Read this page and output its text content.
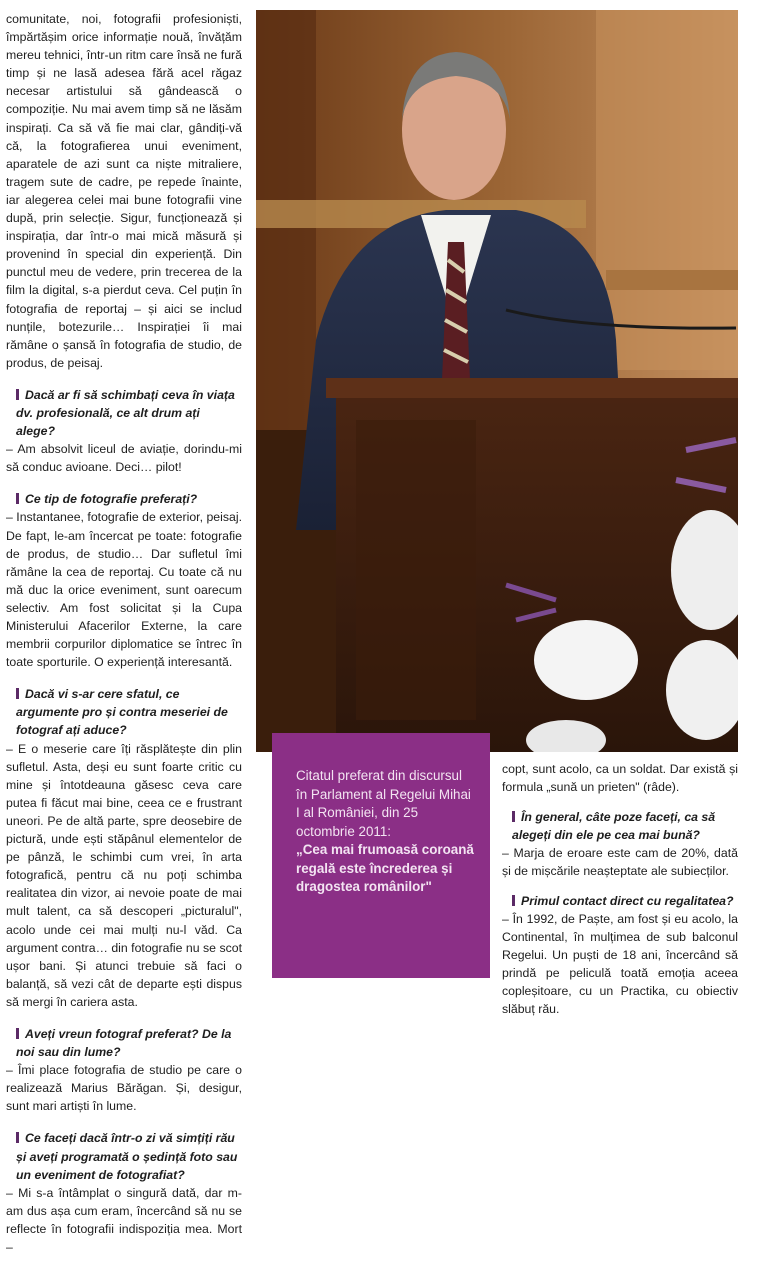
comunitate, noi, fotografii profesioniști, împărtășim orice informație nouă, învățăm mereu tehnici, într-un ritm care însă ne fură timp și ne lasă adesea fără acel răgaz necesar artistului să gândească o compoziție. Nu mai avem timp să ne lăsăm inspirați. Ca să vă fie mai clar, gândiți-vă că, la fotografierea unui eveniment, aparatele de azi sunt ca niște mitraliere, tragem sute de cadre, pe repede înainte, iar alegerea celei mai bune fotografii vine după, prin selecție. Sigur, funcționează și inspirația, dar într-o mai mică măsură și provenind în special din experiență. Din punctul meu de vedere, prin trecerea de la film la digital, s-a pierdut ceva. Cel puțin în fotografia de reportaj – și aici se includ nunțile, botezurile… Inspirației îi mai rămâne o șansă în fotografia de studio, de produs, de peisaj.

Dacă ar fi să schimbați ceva în viața dv. profesională, ce alt drum ați alege?

– Am absolvit liceul de aviație, dorindu-mi să conduc avioane. Deci… pilot!

Ce tip de fotografie preferați?

– Instantanee, fotografie de exterior, peisaj. De fapt, le-am încercat pe toate: fotografie de produs, de studio… Dar sufletul îmi rămâne la cea de reportaj. Cu toate că nu mă duc la orice eveniment, sunt oarecum selectiv. Am fost solicitat și la Cupa Ministerului Afacerilor Externe, la care membrii corpurilor diplomatice se întrec în toate sporturile. O experiență interesantă.

Dacă vi s-ar cere sfatul, ce argumente pro și contra meseriei de fotograf ați aduce?

– E o meserie care îți răsplătește din plin sufletul. Asta, deși eu sunt foarte critic cu mine și întotdeauna găsesc ceva care putea fi făcut mai bine, ceea ce e frustrant uneori. Pe de altă parte, spre deosebire de pictură, unde ești stăpânul elementelor de pe pânză, le schimbi cum vrei, în arta fotografică, pentru că nu poți schimba realitatea din vizor, ai nevoie poate de mai mult talent, ca să descoperi „picturalul", acolo unde cei mai mulți nu-l văd. Ca argument contra… din fotografie nu se scot ușor bani. Și atunci trebuie să faci o balanță, să vezi cât de departe ești dispus să mergi în cariera asta.

Aveți vreun fotograf preferat? De la noi sau din lume?

– Îmi place fotografia de studio pe care o realizează Marius Bărăgan. Și, desigur, sunt mari artiști în lume.

Ce faceți dacă într-o zi vă simțiți rău și aveți programată o ședință foto sau un eveniment de fotografiat?

– Mi s-a întâmplat o singură dată, dar m-am dus așa cum eram, încercând să nu se reflecte în fotografii indispoziția mea. Mort –

Citatul preferat din discursul în Parlament al Regelui Mihai I al României, din 25 octombrie 2011:
„Cea mai frumoasă coroană regală este încrederea și dragostea românilor"

copt, sunt acolo, ca un soldat. Dar există și formula „sună un prieten" (râde).

În general, câte poze faceți, ca să alegeți din ele pe cea mai bună?

– Marja de eroare este cam de 20%, dată și de mișcările neașteptate ale subiecților.

Primul contact direct cu regalitatea?

– În 1992, de Paște, am fost și eu acolo, la Continental, în mulțimea de sub balconul Regelui. Un puști de 18 ani, încercând să prindă pe peliculă toată emoția aceea copleșitoare, cu un Practika, cu obiectiv slăbuț rău.
